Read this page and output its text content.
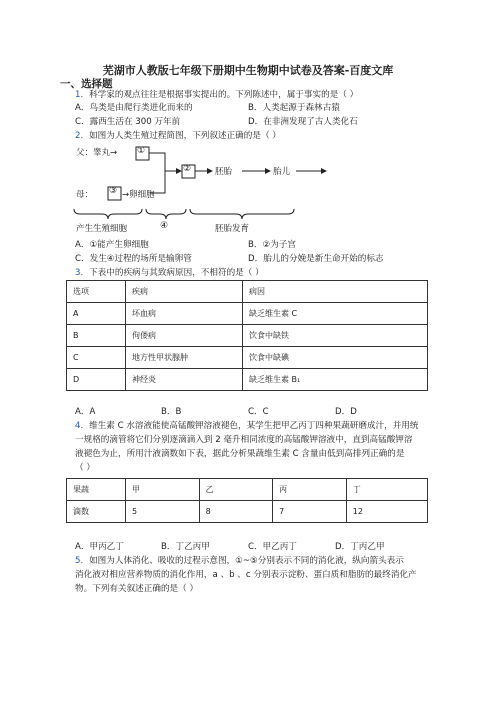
芜湖市人教版七年级下册期中生物期中试卷及答案-百度文库
一、选择题
1．科学家的观点往往是根据事实提出的。下列陈述中，属于事实的是（ ）
A．鸟类是由爬行类进化而来的	B．人类起源于森林古猿
C．露西生活在 300 万年前	D．在非洲发现了古人类化石
2．如图为人类生殖过程简图，下列叙述正确的是（ ）
父：睾丸→ ①
②
③
母：	→卵细胞
胚胎	胎儿
产生生殖细胞	④	胚胎发育
A．①能产生卵细胞	B．②为子宫
C．发生④过程的场所是输卵管	D．胎儿的分娩是新生命开始的标志
3．下表中的疾病与其致病原因，不相符的是（ ）
选项	疾病	病因
A	坏血病	缺乏维生素 C
B	佝偻病	饮食中缺铁
C	地方性甲状腺肿	饮食中缺碘
D	神经炎	缺乏维生素 B₁
A．A	B．B	C．C	D．D
4．维生素 C 水溶液能使高锰酸钾溶液褪色，某学生把甲乙丙丁四种果蔬研磨成汁，并用统
一规格的滴管将它们分别逐滴滴入到 2 毫升相同浓度的高锰酸钾溶液中，直到高锰酸钾溶
液褪色为止，所用汁液滴数如下表，据此分析果蔬维生素 C 含量由低到高排列正确的是
（ ）
果蔬	甲	乙	丙	丁
滴数	5	8	7	12
A．甲丙乙丁	B．丁乙丙甲	C．甲乙丙丁	D．丁丙乙甲
5．如图为人体消化、吸收的过程示意图，①~⑤分别表示不同的消化液，纵向箭头表示
消化液对相应营养物质的消化作用，a 、b 、c 分别表示淀粉、蛋白质和脂肪的最终消化产
物。下列有关叙述正确的是（ ）
